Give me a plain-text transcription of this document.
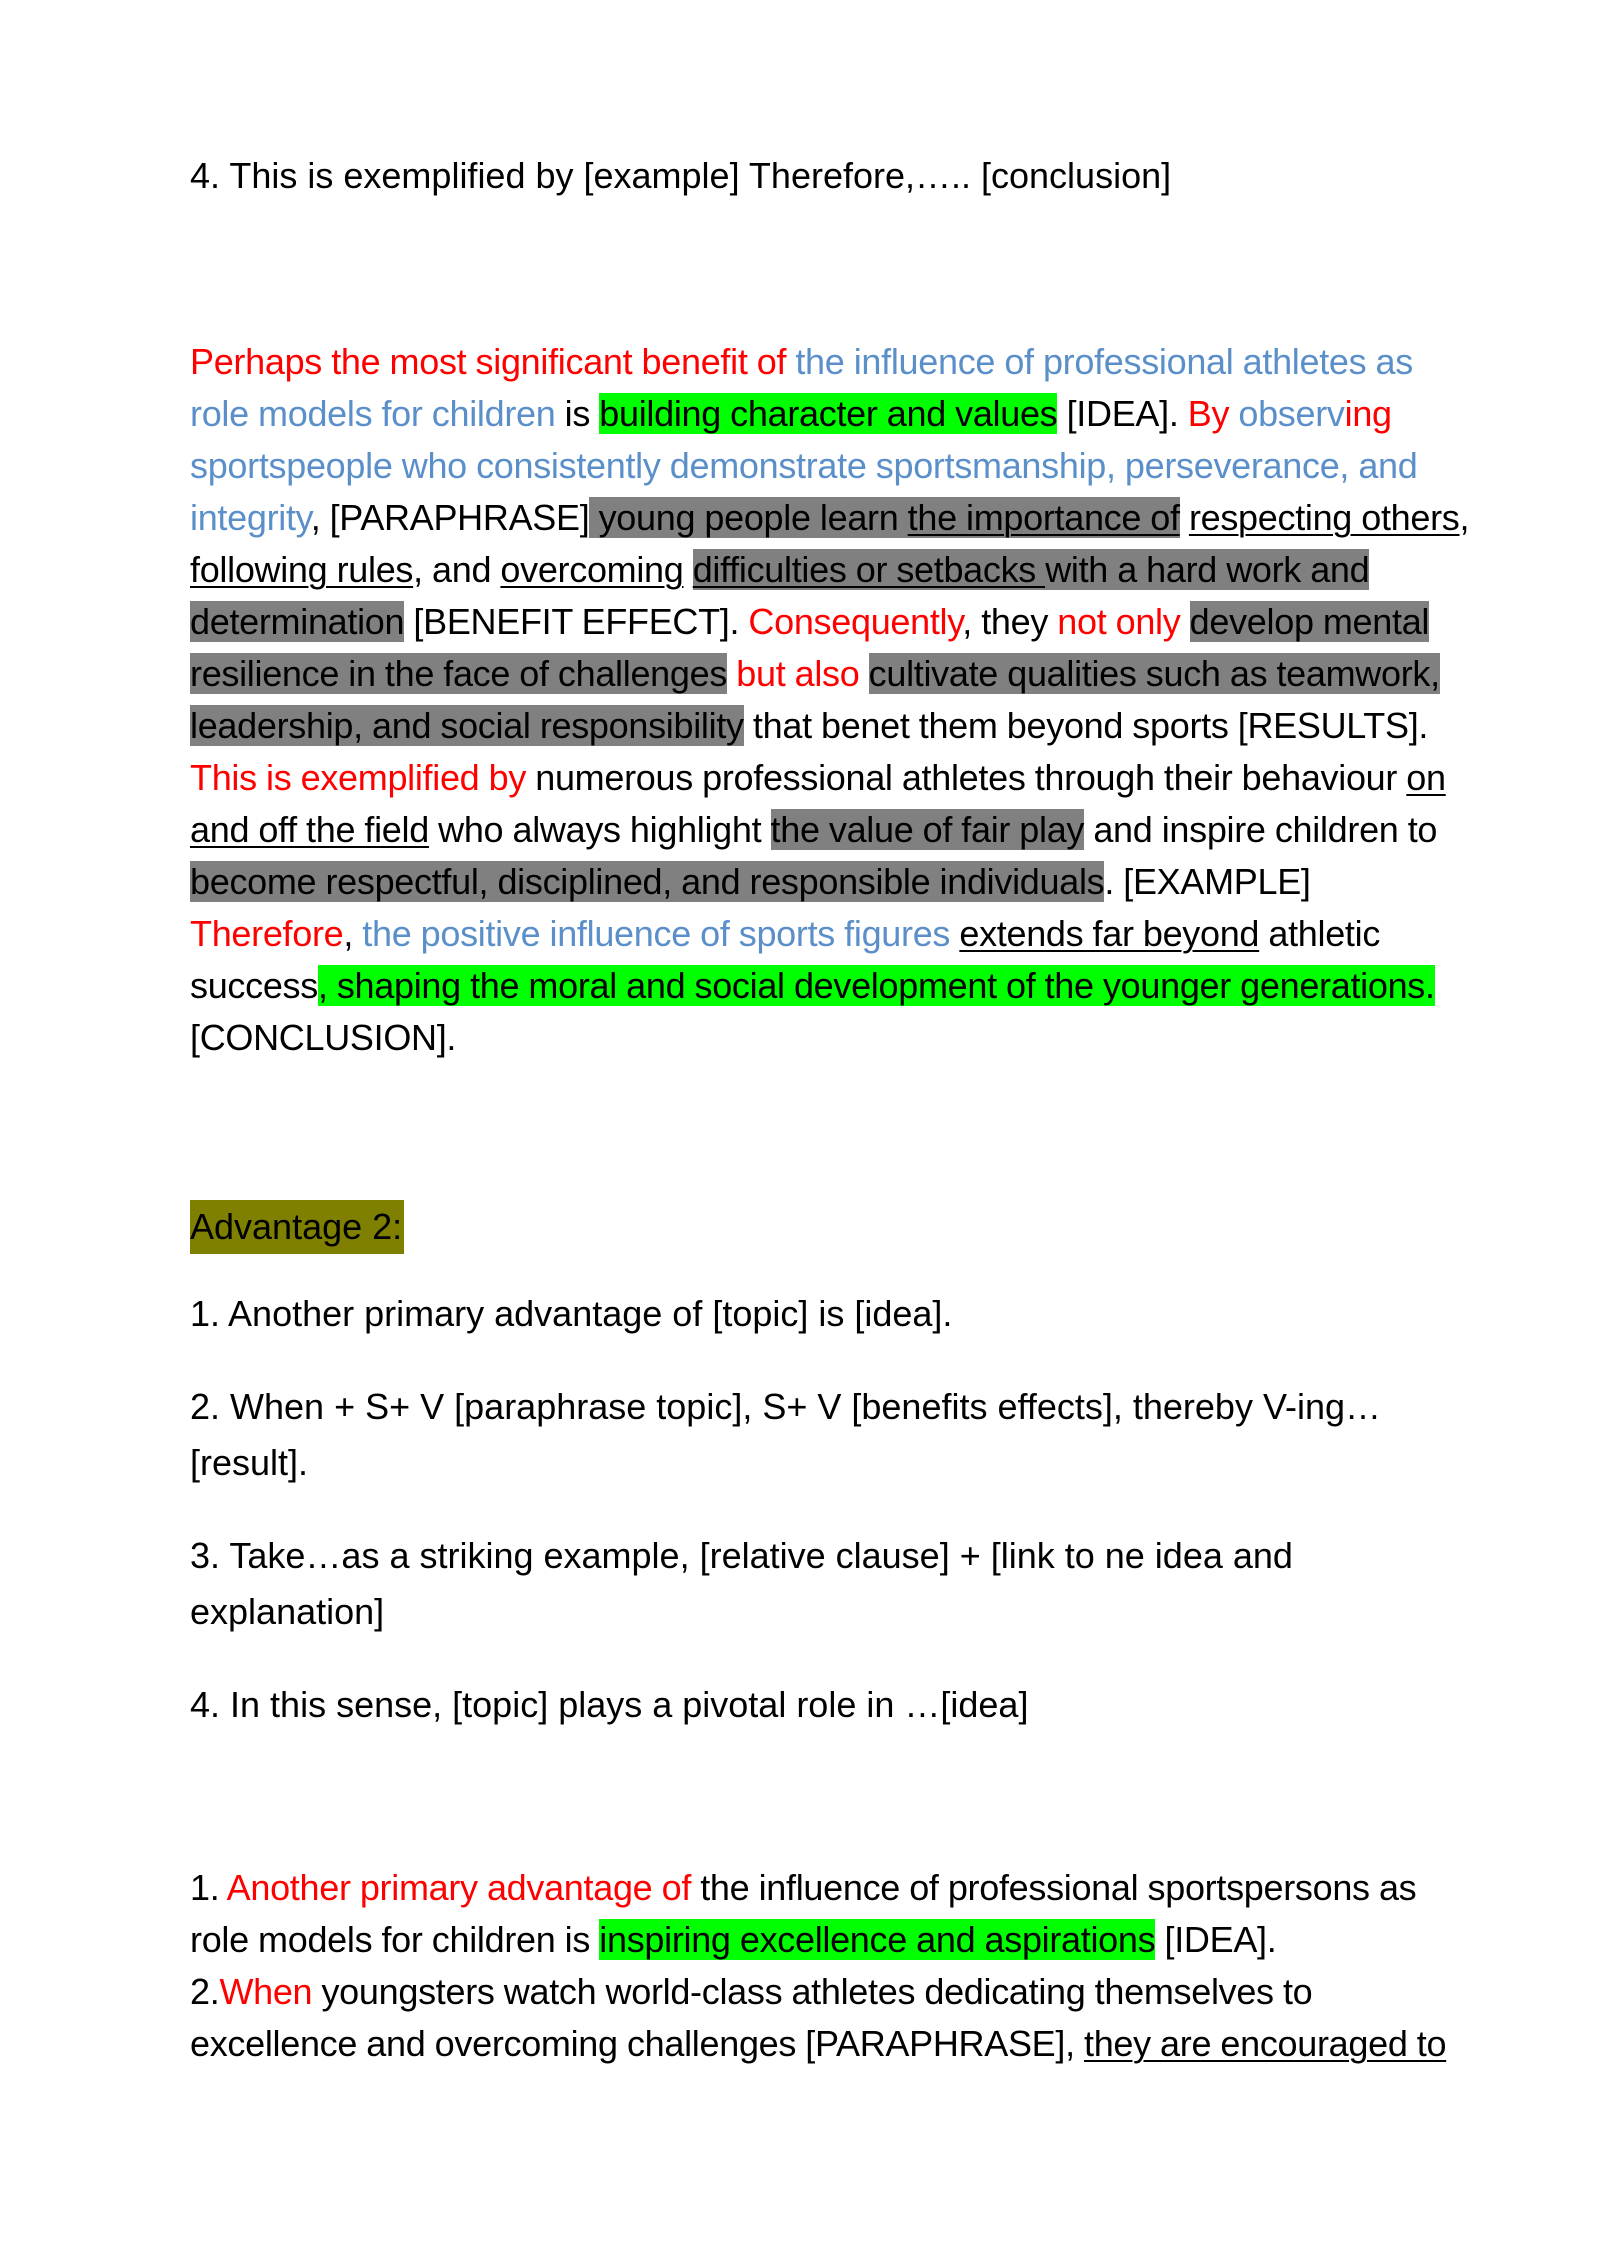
4. This is exemplified by [example] Therefore,….. [conclusion]
Perhaps the most significant benefit of the influence of professional athletes as role models for children is building character and values [IDEA]. By observing sportspeople who consistently demonstrate sportsmanship, perseverance, and integrity, [PARAPHRASE] young people learn the importance of respecting others, following rules, and overcoming difficulties or setbacks with a hard work and determination [BENEFIT EFFECT]. Consequently, they not only develop mental resilience in the face of challenges but also cultivate qualities such as teamwork, leadership, and social responsibility that benet them beyond sports [RESULTS]. This is exemplified by numerous professional athletes through their behaviour on and off the field who always highlight the value of fair play and inspire children to become respectful, disciplined, and responsible individuals. [EXAMPLE] Therefore, the positive influence of sports figures extends far beyond athletic success, shaping the moral and social development of the younger generations. [CONCLUSION].
Advantage 2:
1. Another primary advantage of [topic] is [idea].
2. When + S+ V [paraphrase topic], S+ V [benefits effects], thereby V-ing… [result].
3. Take…as a striking example, [relative clause] + [link to ne idea and explanation]
4. In this sense, [topic] plays a pivotal role in …[idea]
1. Another primary advantage of the influence of professional sportspersons as role models for children is inspiring excellence and aspirations [IDEA].
2.When youngsters watch world-class athletes dedicating themselves to excellence and overcoming challenges [PARAPHRASE], they are encouraged to
